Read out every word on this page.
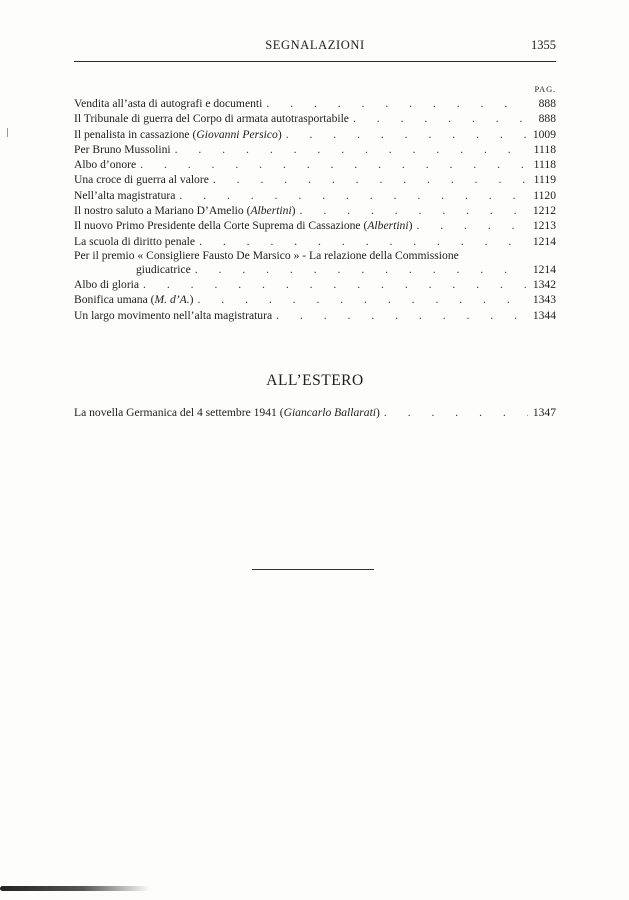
SEGNALAZIONI	1355
PAG.
Vendita all’asta di autografi e documenti . . .	888
Il Tribunale di guerra del Corpo di armata autotrasportabile . . .	888
Il penalista in cassazione (Giovanni Persico) . . .	1009
Per Bruno Mussolini . . .	1118
Albo d’onore . . .	1118
Una croce di guerra al valore . . .	1119
Nell’alta magistratura . . .	1120
Il nostro saluto a Mariano D’Amelio (Albertini) . . .	1212
Il nuovo Primo Presidente della Corte Suprema di Cassazione (Albertini) . . .	1213
La scuola di diritto penale . . .	1214
Per il premio « Consigliere Fausto De Marsico » - La relazione della Commissione
giudicatrice . . .	1214
Albo di gloria . . .	1342
Bonifica umana (M. d’A.) . . .	1343
Un largo movimento nell’alta magistratura . . .	1344
ALL’ESTERO
La novella Germanica del 4 settembre 1941 (Giancarlo Ballarati) . . .	1347
